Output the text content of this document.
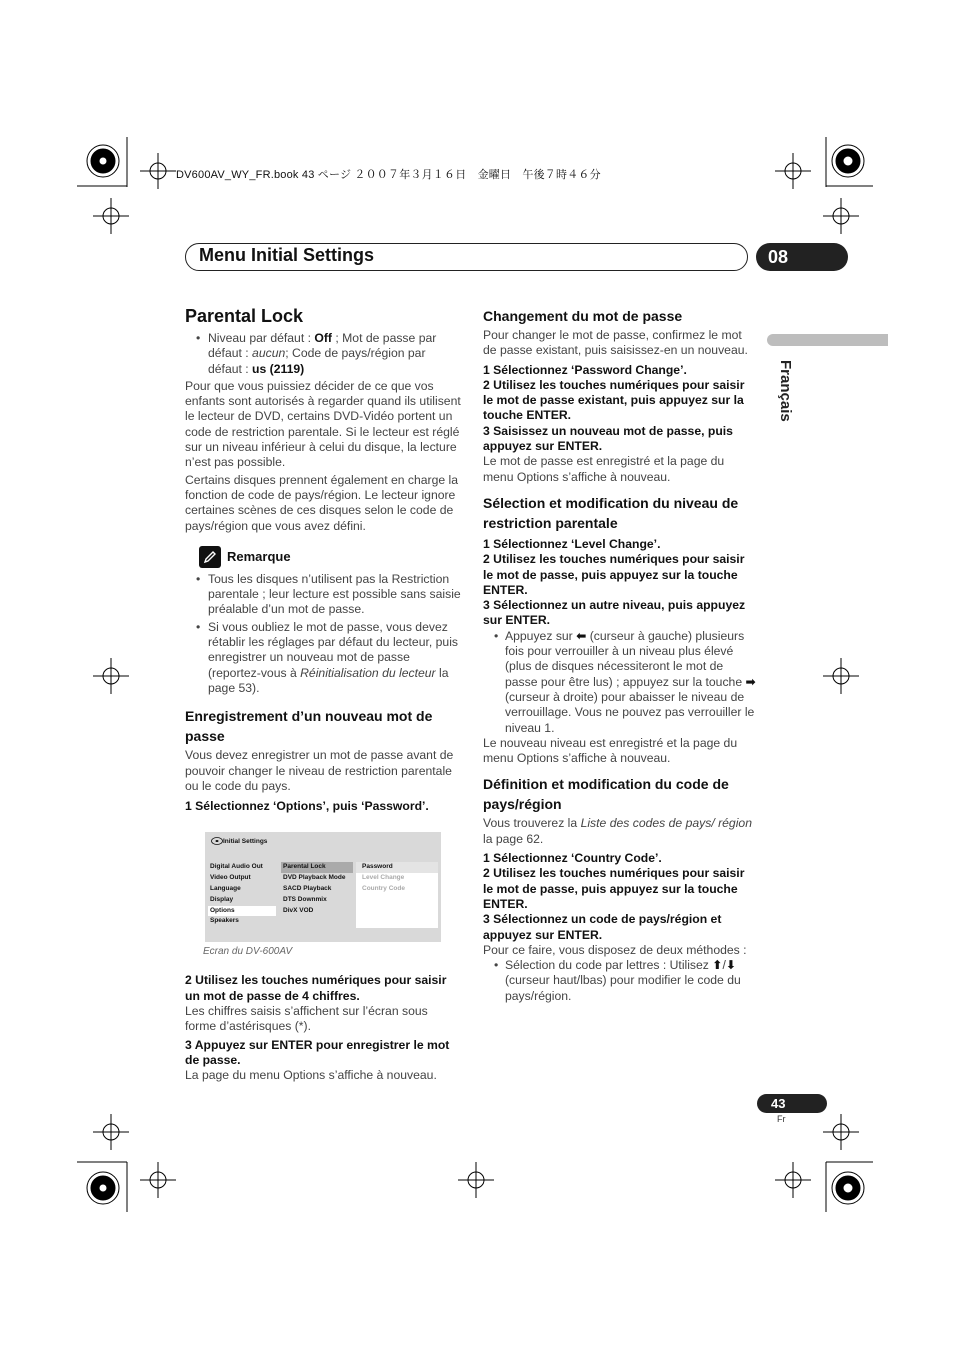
DV600AV_WY_FR.book 43 ページ ２００７年３月１６日　金曜日　午後７時４６分
Menu Initial Settings	08
Français
Parental Lock
• Niveau par défaut : Off ; Mot de passe par défaut : aucun; Code de pays/région par défaut : us (2119)

Pour que vous puissiez décider de ce que vos enfants sont autorisés à regarder quand ils utilisent le lecteur de DVD, certains DVD-Vidéo portent un code de restriction parentale. Si le lecteur est réglé sur un niveau inférieur à celui du disque, la lecture n’est pas possible.

Certains disques prennent également en charge la fonction de code de pays/région. Le lecteur ignore certaines scènes de ces disques selon le code de pays/région que vous avez défini.

Remarque
• Tous les disques n’utilisent pas la Restriction parentale ; leur lecture est possible sans saisie préalable d’un mot de passe.
• Si vous oubliez le mot de passe, vous devez rétablir les réglages par défaut du lecteur, puis enregistrer un nouveau mot de passe (reportez-vous à Réinitialisation du lecteur la page 53).
Enregistrement d’un nouveau mot de passe

Vous devez enregistrer un mot de passe avant de pouvoir changer le niveau de restriction parentale ou le code du pays.

1 Sélectionnez ‘Options’, puis ‘Password’.

Initial Settings
Digital Audio Out
Video Output
Language
Display
Options
Speakers
Parental Lock
DVD Playback Mode
SACD Playback
DTS Downmix
DivX VOD
Password
Level Change
Country Code
Ecran du DV-600AV

2 Utilisez les touches numériques pour saisir un mot de passe de 4 chiffres.

Les chiffres saisis s’affichent sur l’écran sous forme d’astérisques (*).

3 Appuyez sur ENTER pour enregistrer le mot de passe.

La page du menu Options s’affiche à nouveau.

Changement du mot de passe

Pour changer le mot de passe, confirmez le mot de passe existant, puis saisissez-en un nouveau.

1 Sélectionnez ‘Password Change’.

2 Utilisez les touches numériques pour saisir le mot de passe existant, puis appuyez sur la touche ENTER.

3 Saisissez un nouveau mot de passe, puis appuyez sur ENTER.

Le mot de passe est enregistré et la page du menu Options s’affiche à nouveau.

Sélection et modification du niveau de restriction parentale

1 Sélectionnez ‘Level Change’.

2 Utilisez les touches numériques pour saisir le mot de passe, puis appuyez sur la touche ENTER.

3 Sélectionnez un autre niveau, puis appuyez sur ENTER.

• Appuyez sur ⬅ (curseur à gauche) plusieurs fois pour verrouiller à un niveau plus élevé (plus de disques nécessiteront le mot de passe pour être lus) ; appuyez sur la touche ➡ (curseur à droite) pour abaisser le niveau de verrouillage. Vous ne pouvez pas verrouiller le niveau 1.

Le nouveau niveau est enregistré et la page du menu Options s’affiche à nouveau.

Définition et modification du code de pays/région

Vous trouverez la Liste des codes de pays/ région la page 62.

1 Sélectionnez ‘Country Code’.

2 Utilisez les touches numériques pour saisir le mot de passe, puis appuyez sur la touche ENTER.

3 Sélectionnez un code de pays/région et appuyez sur ENTER.

Pour ce faire, vous disposez de deux méthodes :

• Sélection du code par lettres : Utilisez ⬆/⬇ (curseur haut/lbas) pour modifier le code du pays/région.
43
Fr
